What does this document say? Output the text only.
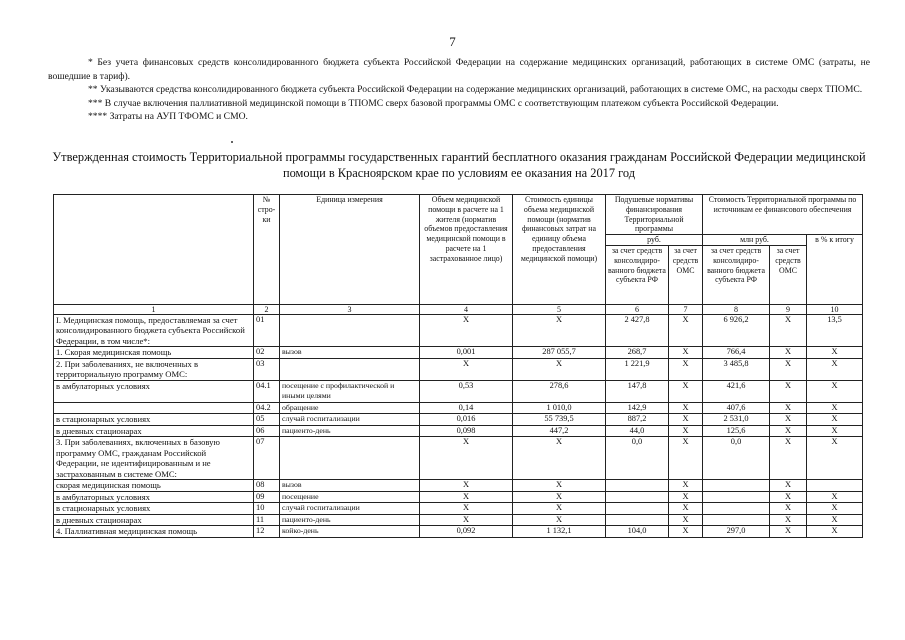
7
* Без учета финансовых средств консолидированного бюджета субъекта Российской Федерации на содержание медицинских организаций, работающих в системе ОМС (затраты, не вошедшие в тариф).
** Указываются средства консолидированного бюджета субъекта Российской Федерации на содержание медицинских организаций, работающих в системе ОМС, на расходы сверх ТПОМС.
*** В случае включения паллиативной медицинской помощи в ТПОМС сверх базовой программы ОМС с соответствующим платежом субъекта Российской Федерации.
**** Затраты на АУП ТФОМС и СМО.
Утвержденная стоимость Территориальной программы государственных гарантий бесплатного оказания гражданам Российской Федерации медицинской помощи в Красноярском крае по условиям ее оказания на 2017 год
	№ стро-ки	Единица измерения	Объем медицинской помощи в расчете на 1 жителя (норматив объемов предоставления медицинской помощи в расчете на 1 застрахованное лицо)	Стоимость единицы объема медицинской помощи (норматив финансовых затрат на единицу объема предоставления медицинской помощи)	Подушевые нормативы финансирования Территориальной программы		Стоимость Территориальной программы по источникам ее финансового обеспечения		
					руб.		млн руб.		в % к итогу
					за счет средств консолидиро-ванного бюджета субъекта РФ	за счет средств ОМС	за счет средств консолидиро-ванного бюджета субъекта РФ	за счет средств ОМС	
1	2	3	4	5	6	7	8	9	10
I. Медицинская помощь, предоставляемая за счет консолидированного бюджета субъекта Российской Федерации, в том числе*:	01		Х	Х	2 427,8	Х	6 926,2	Х	13,5
1. Скорая медицинская помощь	02	вызов	0,001	287 055,7	268,7	Х	766,4	Х	Х
2. При заболеваниях, не включенных в территориальную программу ОМС:	03		Х	Х	1 221,9	Х	3 485,8	Х	Х
в амбулаторных условиях	04.1	посещение с профилактической и иными целями	0,53	278,6	147,8	Х	421,6	Х	Х
	04.2	обращение	0,14	1 010,0	142,9	Х	407,6	Х	Х
в стационарных условиях	05	случай госпитализации	0,016	55 739,5	887,2	Х	2 531,0	Х	Х
в дневных стационарах	06	пациенто-день	0,098	447,2	44,0	Х	125,6	Х	Х
3. При заболеваниях, включенных в базовую программу ОМС, гражданам Российской Федерации, не идентифицированным и не застрахованным в системе ОМС:	07		Х	Х	0,0	Х	0,0	Х	Х
скорая медицинская помощь	08	вызов	Х	Х		Х		Х	
в амбулаторных условиях	09	посещение	Х	Х		Х		Х	Х
в стационарных условиях	10	случай госпитализации	Х	Х		Х		Х	Х
в дневных стационарах	11	пациенто-день	Х	Х		Х		Х	Х
4. Паллиативная медицинская помощь	12	койко-день	0,092	1 132,1	104,0	Х	297,0	Х	Х
